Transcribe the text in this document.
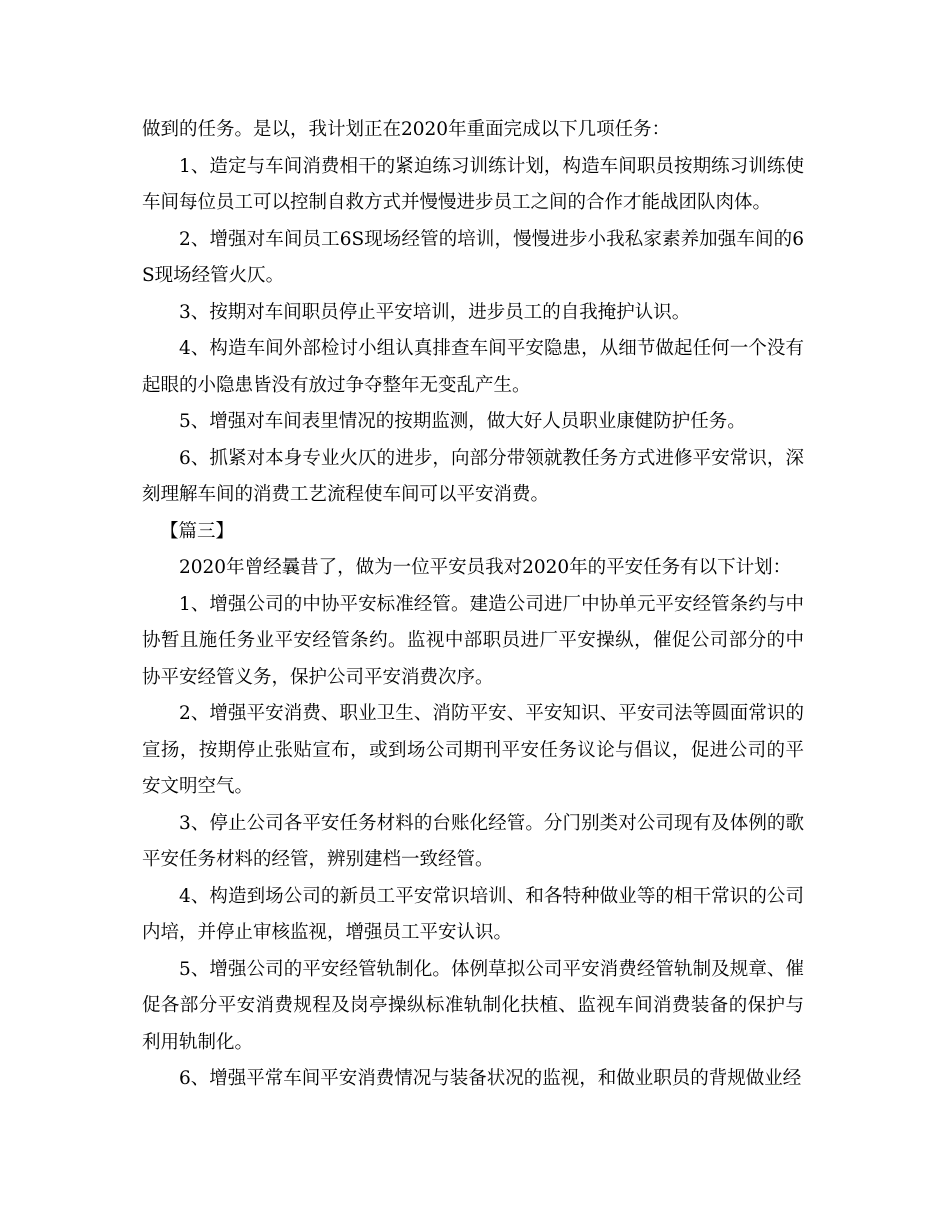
做到的任务。是以，我计划正在2020年重面完成以下几项任务：

1、造定与车间消费相干的紧迫练习训练计划，构造车间职员按期练习训练使车间每位员工可以控制自救方式并慢慢进步员工之间的合作才能战团队肉体。

2、增强对车间员工6S现场经管的培训，慢慢进步小我私家素养加强车间的6S现场经管火仄。

3、按期对车间职员停止平安培训，进步员工的自我掩护认识。

4、构造车间外部检讨小组认真排查车间平安隐患，从细节做起任何一个没有起眼的小隐患皆没有放过争夺整年无变乱产生。

5、增强对车间表里情况的按期监测，做大好人员职业康健防护任务。

6、抓紧对本身专业火仄的进步，向部分带领就教任务方式进修平安常识，深刻理解车间的消费工艺流程使车间可以平安消费。

【篇三】

2020年曾经曩昔了，做为一位平安员我对2020年的平安任务有以下计划：

1、增强公司的中协平安标准经管。建造公司进厂中协单元平安经管条约与中协暂且施任务业平安经管条约。监视中部职员进厂平安操纵，催促公司部分的中协平安经管义务，保护公司平安消费次序。

2、增强平安消费、职业卫生、消防平安、平安知识、平安司法等圆面常识的宣扬，按期停止张贴宣布，或到场公司期刊平安任务议论与倡议，促进公司的平安文明空气。

3、停止公司各平安任务材料的台账化经管。分门别类对公司现有及体例的歌平安任务材料的经管，辨别建档一致经管。

4、构造到场公司的新员工平安常识培训、和各特种做业等的相干常识的公司内培，并停止审核监视，增强员工平安认识。

5、增强公司的平安经管轨制化。体例草拟公司平安消费经管轨制及规章、催促各部分平安消费规程及岗亭操纵标准轨制化扶植、监视车间消费装备的保护与利用轨制化。

6、增强平常车间平安消费情况与装备状况的监视，和做业职员的背规做业经
